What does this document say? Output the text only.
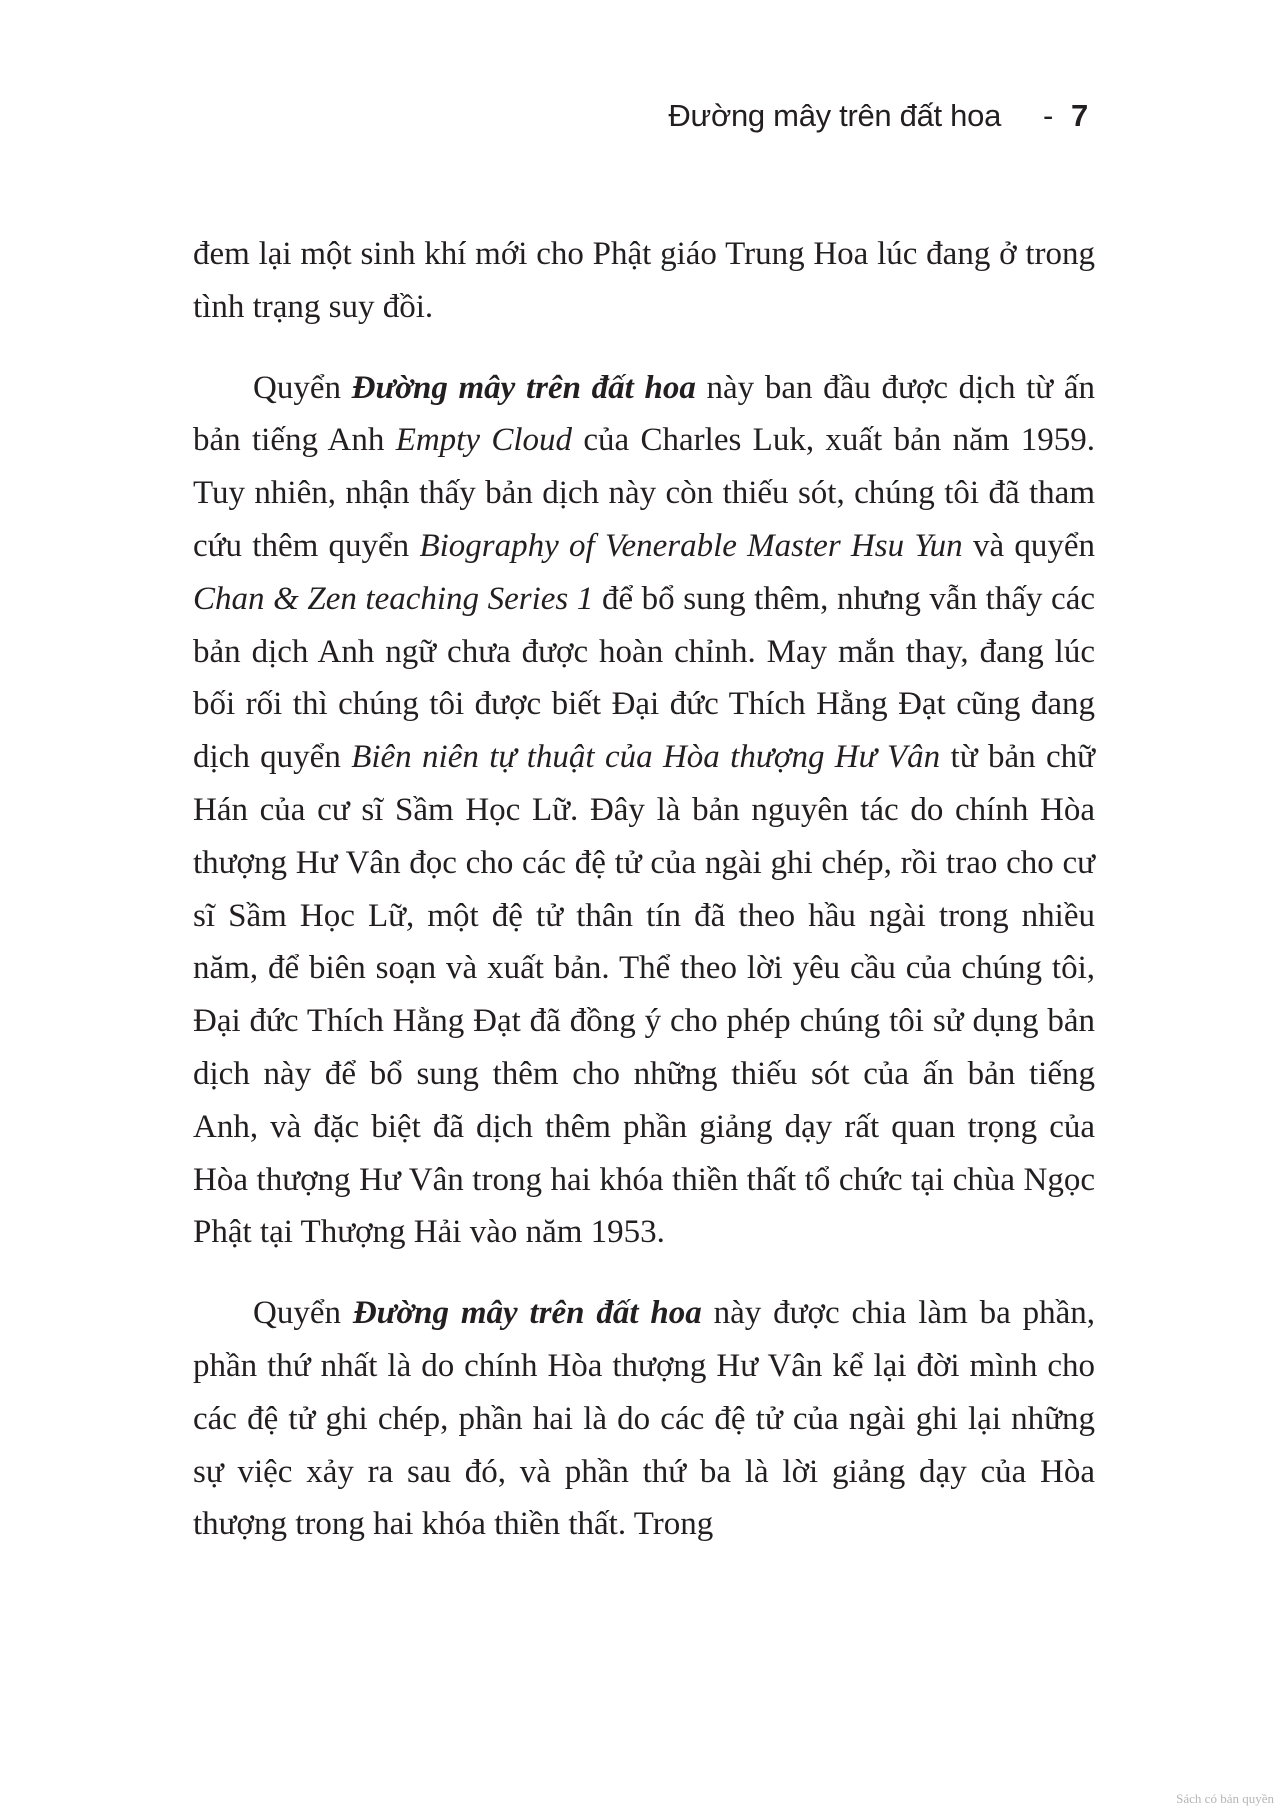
Đường mây trên đất hoa - 7

đem lại một sinh khí mới cho Phật giáo Trung Hoa lúc đang ở trong tình trạng suy đồi.

Quyển Đường mây trên đất hoa này ban đầu được dịch từ ấn bản tiếng Anh Empty Cloud của Charles Luk, xuất bản năm 1959. Tuy nhiên, nhận thấy bản dịch này còn thiếu sót, chúng tôi đã tham cứu thêm quyển Biography of Venerable Master Hsu Yun và quyển Chan & Zen teaching Series 1 để bổ sung thêm, nhưng vẫn thấy các bản dịch Anh ngữ chưa được hoàn chỉnh. May mắn thay, đang lúc bối rối thì chúng tôi được biết Đại đức Thích Hằng Đạt cũng đang dịch quyển Biên niên tự thuật của Hòa thượng Hư Vân từ bản chữ Hán của cư sĩ Sầm Học Lữ. Đây là bản nguyên tác do chính Hòa thượng Hư Vân đọc cho các đệ tử của ngài ghi chép, rồi trao cho cư sĩ Sầm Học Lữ, một đệ tử thân tín đã theo hầu ngài trong nhiều năm, để biên soạn và xuất bản. Thể theo lời yêu cầu của chúng tôi, Đại đức Thích Hằng Đạt đã đồng ý cho phép chúng tôi sử dụng bản dịch này để bổ sung thêm cho những thiếu sót của ấn bản tiếng Anh, và đặc biệt đã dịch thêm phần giảng dạy rất quan trọng của Hòa thượng Hư Vân trong hai khóa thiền thất tổ chức tại chùa Ngọc Phật tại Thượng Hải vào năm 1953.

Quyển Đường mây trên đất hoa này được chia làm ba phần, phần thứ nhất là do chính Hòa thượng Hư Vân kể lại đời mình cho các đệ tử ghi chép, phần hai là do các đệ tử của ngài ghi lại những sự việc xảy ra sau đó, và phần thứ ba là lời giảng dạy của Hòa thượng trong hai khóa thiền thất. Trong

Sách có bản quyền
